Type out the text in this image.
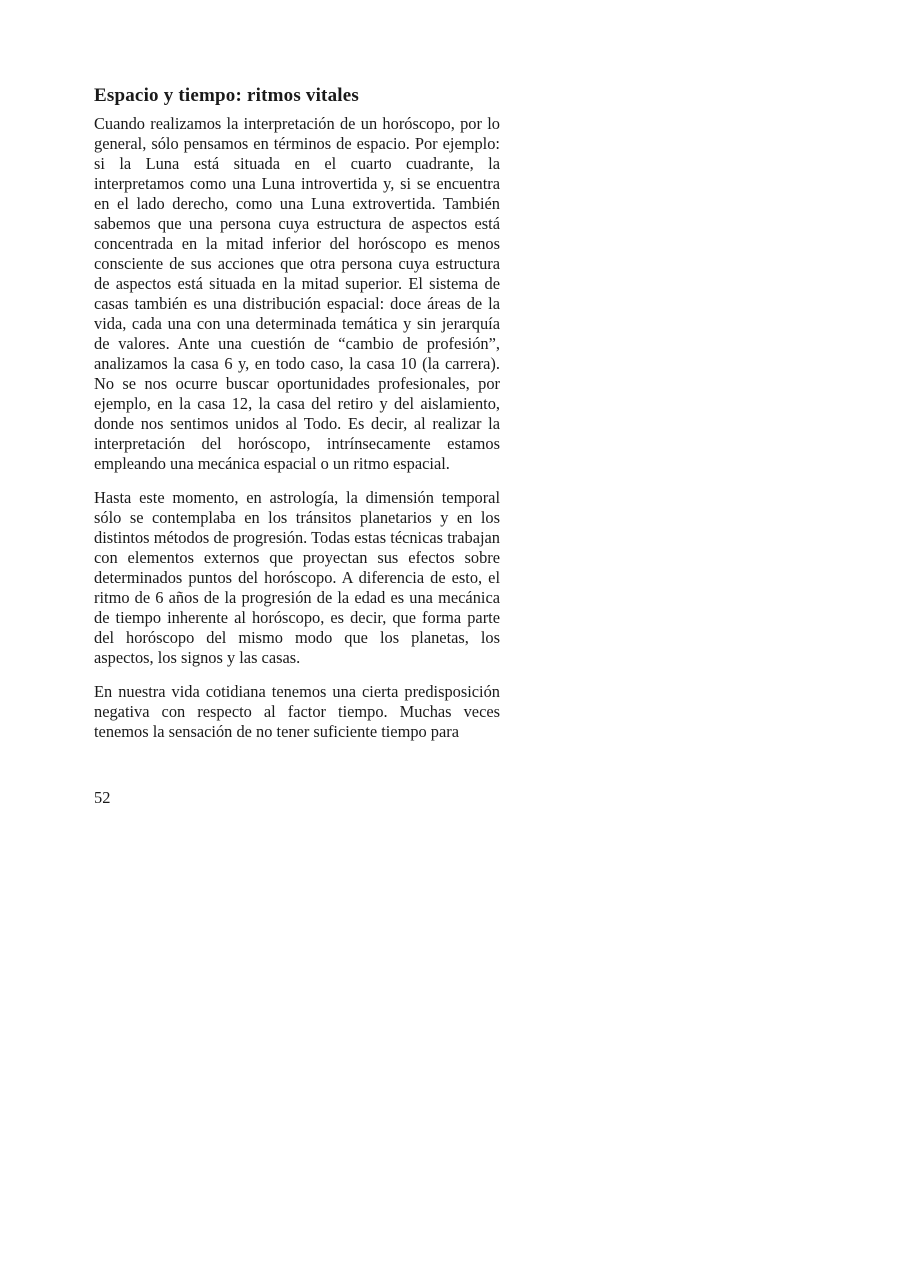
Espacio y tiempo: ritmos vitales

Cuando realizamos la interpretación de un horóscopo, por lo general, sólo pensamos en términos de espacio. Por ejemplo: si la Luna está situada en el cuarto cuadrante, la interpretamos como una Luna introvertida y, si se encuentra en el lado derecho, como una Luna extrovertida. También sabemos que una persona cuya estructura de aspectos está concentrada en la mitad inferior del horóscopo es menos consciente de sus acciones que otra persona cuya estructura de aspectos está situada en la mitad superior. El sistema de casas también es una distribución espacial: doce áreas de la vida, cada una con una determinada temática y sin jerarquía de valores. Ante una cuestión de “cambio de profesión”, analizamos la casa 6 y, en todo caso, la casa 10 (la carrera). No se nos ocurre buscar oportunidades profesionales, por ejemplo, en la casa 12, la casa del retiro y del aislamiento, donde nos sentimos unidos al Todo. Es decir, al realizar la interpretación del horóscopo, intrínsecamente estamos empleando una mecánica espacial o un ritmo espacial.

Hasta este momento, en astrología, la dimensión temporal sólo se contemplaba en los tránsitos planetarios y en los distintos métodos de progresión. Todas estas técnicas trabajan con elementos externos que proyectan sus efectos sobre determinados puntos del horóscopo. A diferencia de esto, el ritmo de 6 años de la progresión de la edad es una mecánica de tiempo inherente al horóscopo, es decir, que forma parte del horóscopo del mismo modo que los planetas, los aspectos, los signos y las casas.

En nuestra vida cotidiana tenemos una cierta predisposición negativa con respecto al factor tiempo. Muchas veces tenemos la sensación de no tener suficiente tiempo para

52
